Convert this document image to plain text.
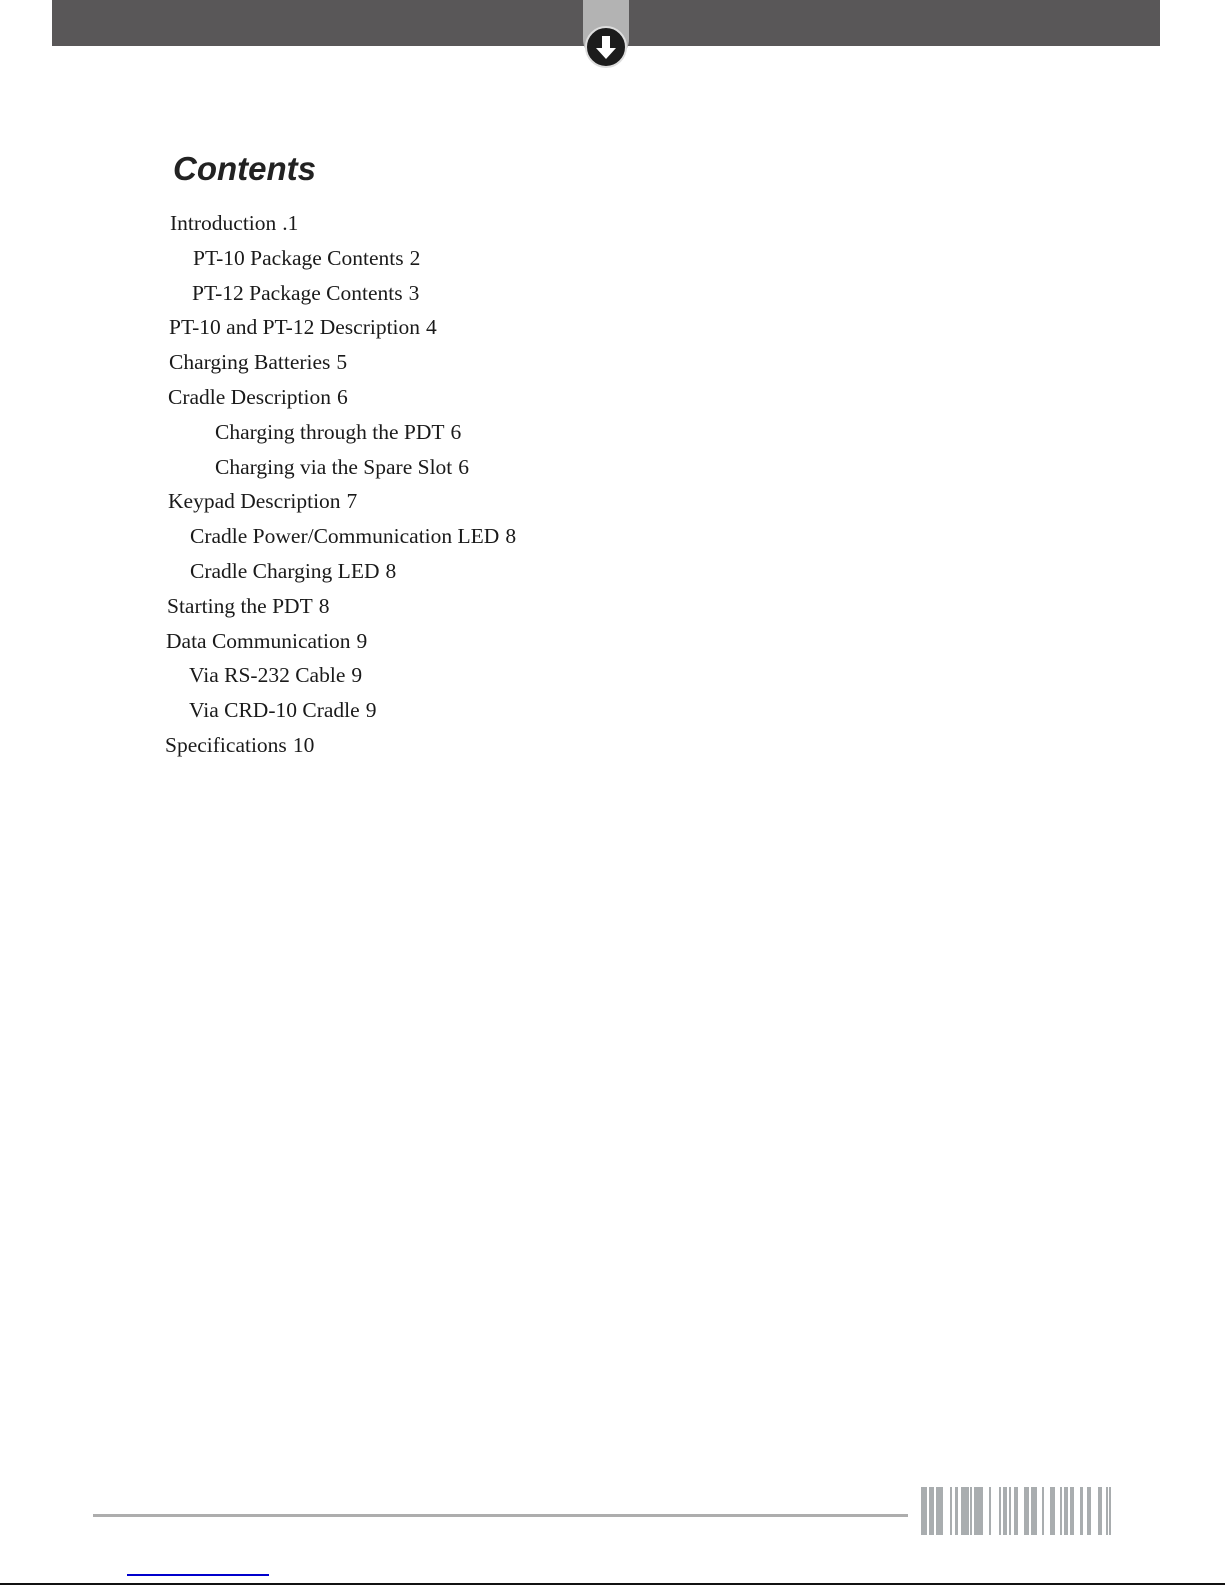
Contents
Introduction .1
PT-10 Package Contents 2
PT-12 Package Contents 3
PT-10 and PT-12 Description 4
Charging Batteries 5
Cradle Description 6
Charging through the PDT 6
Charging via the Spare Slot 6
Keypad Description 7
Cradle Power/Communication LED 8
Cradle Charging LED 8
Starting the PDT 8
Data Communication 9
Via RS-232 Cable 9
Via CRD-10 Cradle 9
Specifications 10
